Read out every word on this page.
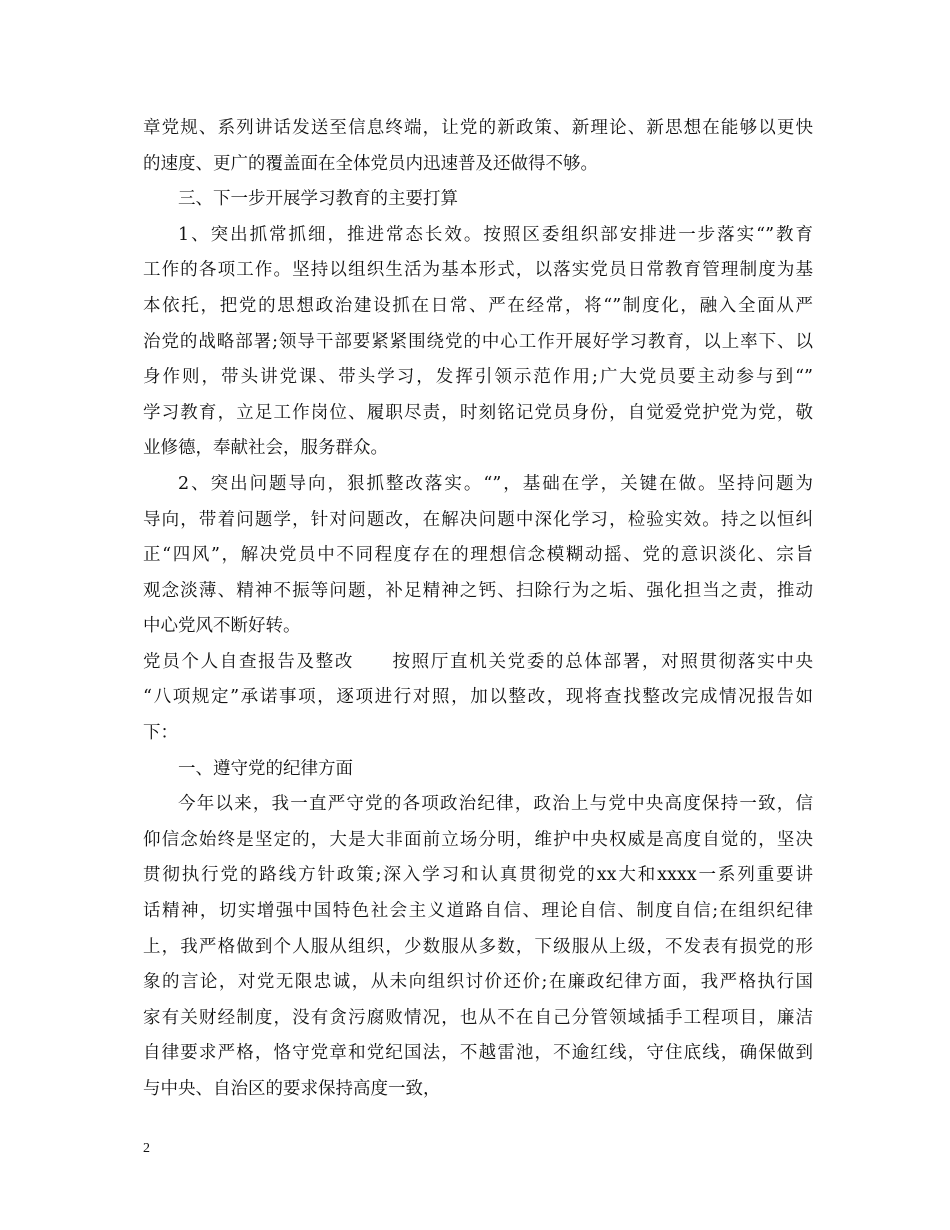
章党规、系列讲话发送至信息终端，让党的新政策、新理论、新思想在能够以更快
的速度、更广的覆盖面在全体党员内迅速普及还做得不够。
三、下一步开展学习教育的主要打算
1、突出抓常抓细，推进常态长效。按照区委组织部安排进一步落实“”教育
工作的各项工作。坚持以组织生活为基本形式，以落实党员日常教育管理制度为基
本依托，把党的思想政治建设抓在日常、严在经常，将“”制度化，融入全面从严
治党的战略部署;领导干部要紧紧围绕党的中心工作开展好学习教育，以上率下、以
身作则，带头讲党课、带头学习，发挥引领示范作用;广大党员要主动参与到“”
学习教育，立足工作岗位、履职尽责，时刻铭记党员身份，自觉爱党护党为党，敬
业修德，奉献社会，服务群众。
2、突出问题导向，狠抓整改落实。“”，基础在学，关键在做。坚持问题为
导向，带着问题学，针对问题改，在解决问题中深化学习，检验实效。持之以恒纠
正“四风”，解决党员中不同程度存在的理想信念模糊动摇、党的意识淡化、宗旨
观念淡薄、精神不振等问题，补足精神之钙、扫除行为之垢、强化担当之责，推动
中心党风不断好转。
党员个人自查报告及整改　　按照厅直机关党委的总体部署，对照贯彻落实中央
“八项规定”承诺事项，逐项进行对照，加以整改，现将查找整改完成情况报告如
下：
一、遵守党的纪律方面
今年以来，我一直严守党的各项政治纪律，政治上与党中央高度保持一致，信
仰信念始终是坚定的，大是大非面前立场分明，维护中央权威是高度自觉的，坚决
贯彻执行党的路线方针政策;深入学习和认真贯彻党的xx大和xxxx一系列重要讲
话精神，切实增强中国特色社会主义道路自信、理论自信、制度自信;在组织纪律
上，我严格做到个人服从组织，少数服从多数，下级服从上级，不发表有损党的形
象的言论，对党无限忠诚，从未向组织讨价还价;在廉政纪律方面，我严格执行国
家有关财经制度，没有贪污腐败情况，也从不在自己分管领域插手工程项目，廉洁
自律要求严格，恪守党章和党纪国法，不越雷池，不逾红线，守住底线，确保做到
与中央、自治区的要求保持高度一致，
2
